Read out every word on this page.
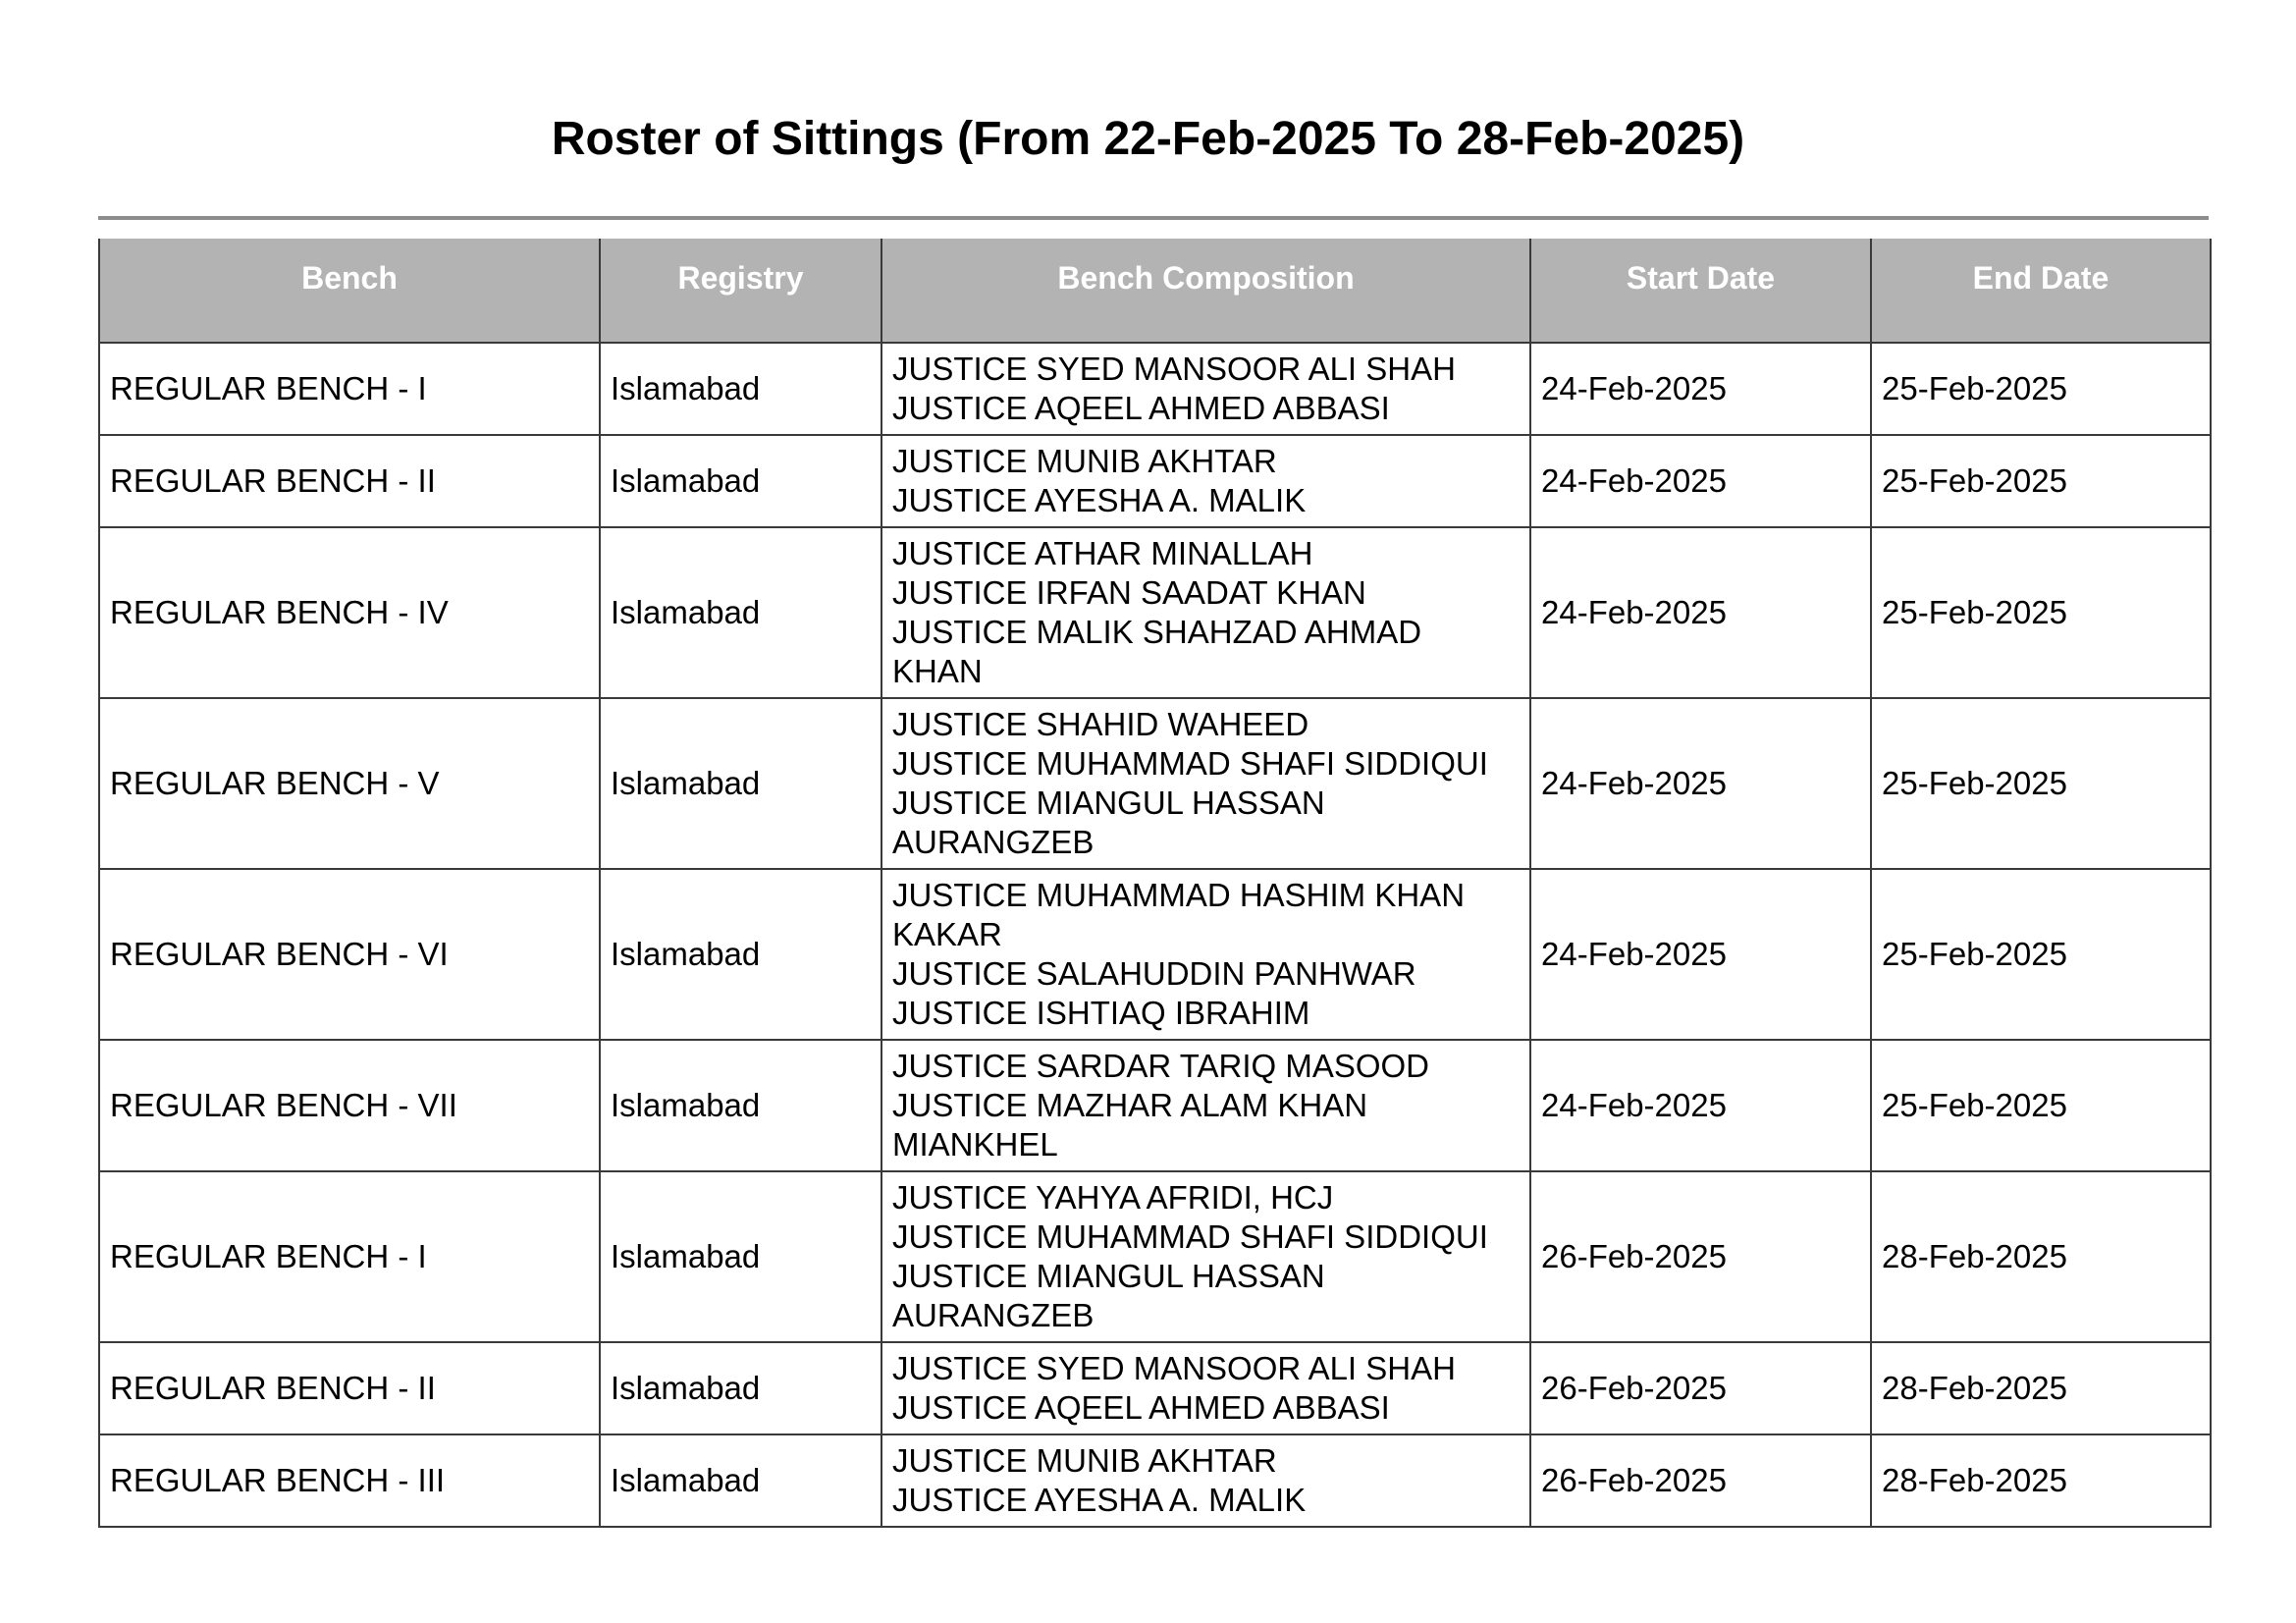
Roster of Sittings (From 22-Feb-2025 To 28-Feb-2025)
Bench	Registry	Bench Composition	Start Date	End Date
REGULAR BENCH - I	Islamabad	JUSTICE SYED MANSOOR ALI SHAH
JUSTICE AQEEL AHMED ABBASI	24-Feb-2025	25-Feb-2025
REGULAR BENCH - II	Islamabad	JUSTICE MUNIB AKHTAR
JUSTICE AYESHA A. MALIK	24-Feb-2025	25-Feb-2025
REGULAR BENCH - IV	Islamabad	JUSTICE ATHAR MINALLAH
JUSTICE IRFAN SAADAT KHAN
JUSTICE MALIK SHAHZAD AHMAD
KHAN	24-Feb-2025	25-Feb-2025
REGULAR BENCH - V	Islamabad	JUSTICE SHAHID WAHEED
JUSTICE MUHAMMAD SHAFI SIDDIQUI
JUSTICE MIANGUL HASSAN
AURANGZEB	24-Feb-2025	25-Feb-2025
REGULAR BENCH - VI	Islamabad	JUSTICE MUHAMMAD HASHIM KHAN
KAKAR
JUSTICE SALAHUDDIN PANHWAR
JUSTICE ISHTIAQ IBRAHIM	24-Feb-2025	25-Feb-2025
REGULAR BENCH - VII	Islamabad	JUSTICE SARDAR TARIQ MASOOD
JUSTICE MAZHAR ALAM KHAN
MIANKHEL	24-Feb-2025	25-Feb-2025
REGULAR BENCH - I	Islamabad	JUSTICE YAHYA AFRIDI, HCJ
JUSTICE MUHAMMAD SHAFI SIDDIQUI
JUSTICE MIANGUL HASSAN
AURANGZEB	26-Feb-2025	28-Feb-2025
REGULAR BENCH - II	Islamabad	JUSTICE SYED MANSOOR ALI SHAH
JUSTICE AQEEL AHMED ABBASI	26-Feb-2025	28-Feb-2025
REGULAR BENCH - III	Islamabad	JUSTICE MUNIB AKHTAR
JUSTICE AYESHA A. MALIK	26-Feb-2025	28-Feb-2025
